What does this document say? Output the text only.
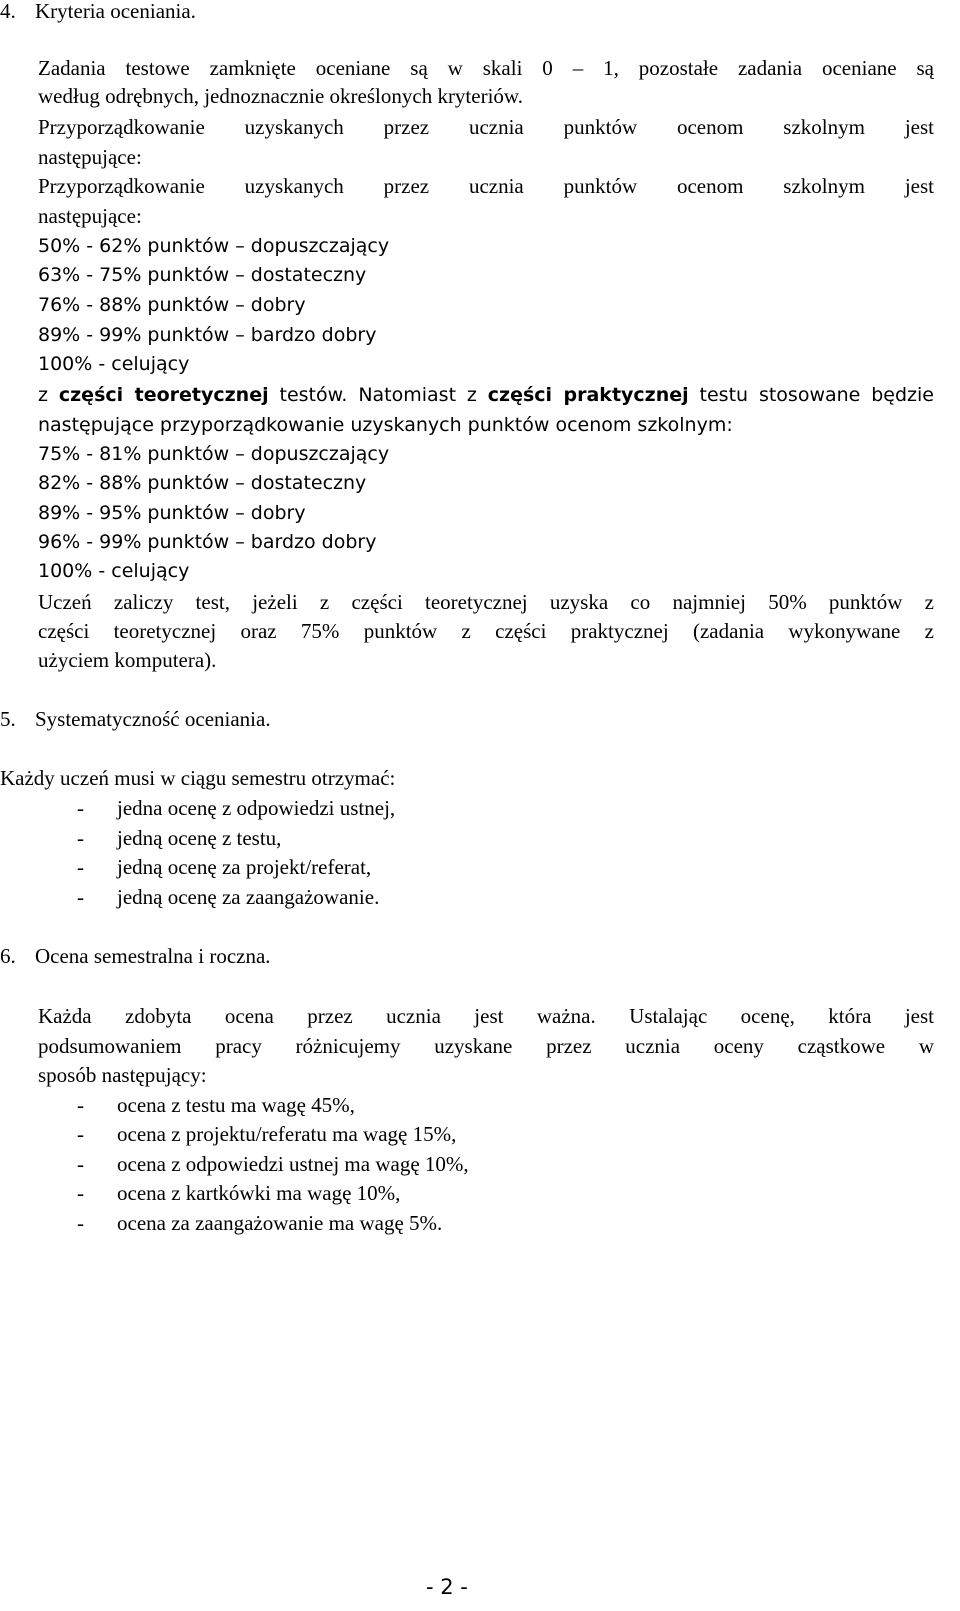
4. Kryteria oceniania.
Zadania testowe zamknięte oceniane są w skali 0 – 1, pozostałe zadania oceniane są
według odrębnych, jednoznacznie określonych kryteriów.
Przyporządkowanie uzyskanych przez ucznia punktów ocenom szkolnym jest
następujące:
Przyporządkowanie uzyskanych przez ucznia punktów ocenom szkolnym jest
następujące:
50% - 62% punktów – dopuszczający
63% - 75% punktów – dostateczny
76% - 88% punktów – dobry
89% - 99% punktów – bardzo dobry
100% - celujący
z części teoretycznej testów. Natomiast z części praktycznej testu stosowane będzie
następujące przyporządkowanie uzyskanych punktów ocenom szkolnym:
75% - 81% punktów – dopuszczający
82% - 88% punktów – dostateczny
89% - 95% punktów – dobry
96% - 99% punktów – bardzo dobry
100% - celujący
Uczeń zaliczy test, jeżeli z części teoretycznej uzyska co najmniej 50% punktów z
części teoretycznej oraz 75% punktów z części praktycznej (zadania wykonywane z
użyciem komputera).
5. Systematyczność oceniania.
Każdy uczeń musi w ciągu semestru otrzymać:
- jedna ocenę z odpowiedzi ustnej,
- jedną ocenę z testu,
- jedną ocenę za projekt/referat,
- jedną ocenę za zaangażowanie.
6. Ocena semestralna i roczna.
Każda zdobyta ocena przez ucznia jest ważna. Ustalając ocenę, która jest
podsumowaniem pracy różnicujemy uzyskane przez ucznia oceny cząstkowe w
sposób następujący:
- ocena z testu ma wagę 45%,
- ocena z projektu/referatu ma wagę 15%,
- ocena z odpowiedzi ustnej ma wagę 10%,
- ocena z kartkówki ma wagę 10%,
- ocena za zaangażowanie ma wagę 5%.
- 2 -
